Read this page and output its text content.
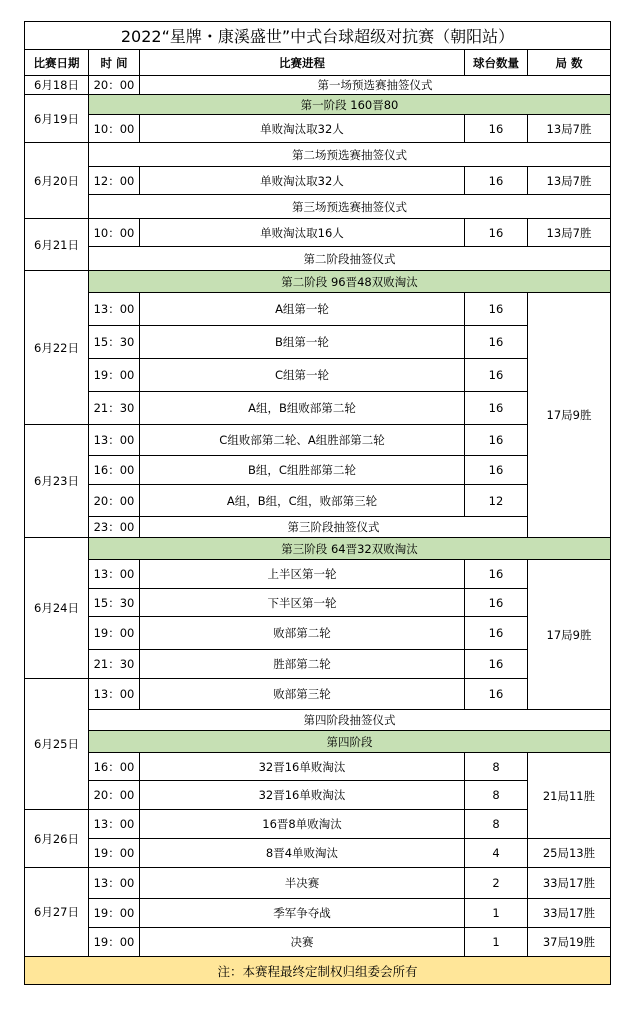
2022“星牌・康溪盛世”中式台球超级对抗赛（朝阳站）				
比赛日期	时 间	比赛进程	球台数量	局 数
6月18日	20：00	第一场预选赛抽签仪式		
6月19日	第一阶段 160晋80			
	10：00	单败淘汰取32人	16	13局7胜
6月20日	第二场预选赛抽签仪式			
	12：00	单败淘汰取32人	16	13局7胜
	第三场预选赛抽签仪式			
6月21日	10：00	单败淘汰取16人	16	13局7胜
	第二阶段抽签仪式			
6月22日	第二阶段 96晋48双败淘汰			
	13：00	A组第一轮	16	17局9胜
	15：30	B组第一轮	16	
	19：00	C组第一轮	16	
	21：30	A组，B组败部第二轮	16	
6月23日	13：00	C组败部第二轮、A组胜部第二轮	16	
	16：00	B组，C组胜部第二轮	16	
	20：00	A组，B组，C组，败部第三轮	12	
	23：00	第三阶段抽签仪式		
6月24日	第三阶段 64晋32双败淘汰			
	13：00	上半区第一轮	16	17局9胜
	15：30	下半区第一轮	16	
	19：00	败部第二轮	16	
	21：30	胜部第二轮	16	
6月25日	13：00	败部第三轮	16	
	第四阶段抽签仪式			
	第四阶段			
	16：00	32晋16单败淘汰	8	21局11胜
	20：00	32晋16单败淘汰	8	
6月26日	13：00	16晋8单败淘汰	8	
	19：00	8晋4单败淘汰	4	25局13胜
6月27日	13：00	半决赛	2	33局17胜
	19：00	季军争夺战	1	33局17胜
	19：00	决赛	1	37局19胜
注：本赛程最终定制权归组委会所有				
